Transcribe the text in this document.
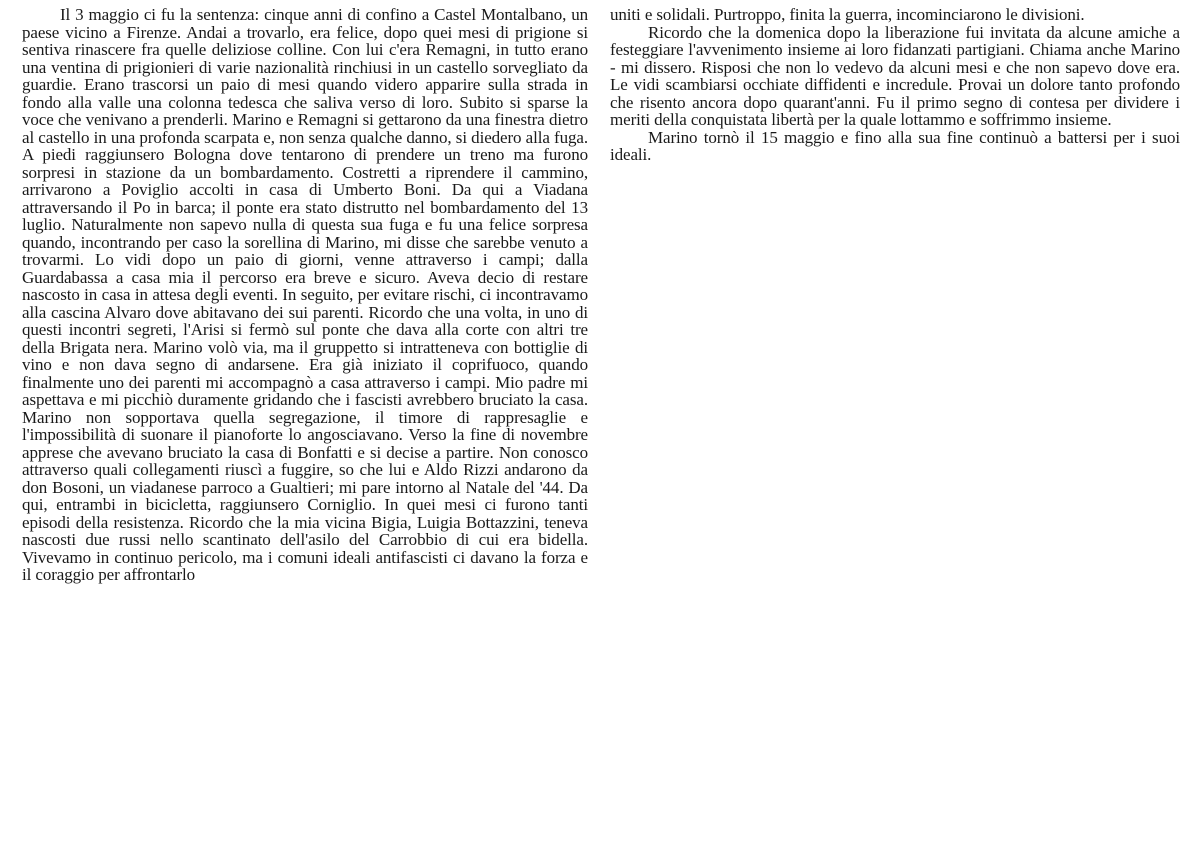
Il 3 maggio ci fu la sentenza: cinque anni di confino a Castel Montalbano, un paese vicino a Firenze. Andai a trovarlo, era felice, dopo quei mesi di prigione si sentiva rinascere fra quelle deliziose colline. Con lui c'era Remagni, in tutto erano una ventina di prigionieri di varie nazionalità rinchiusi in un castello sorvegliato da guardie. Erano trascorsi un paio di mesi quando videro apparire sulla strada in fondo alla valle una colonna tedesca che saliva verso di loro. Subito si sparse la voce che venivano a prenderli. Marino e Remagni si gettarono da una finestra dietro al castello in una profonda scarpata e, non senza qualche danno, si diedero alla fuga. A piedi raggiunsero Bologna dove tentarono di prendere un treno ma furono sorpresi in stazione da un bombardamento. Costretti a riprendere il cammino, arrivarono a Poviglio accolti in casa di Umberto Boni. Da qui a Viadana attraversando il Po in barca; il ponte era stato distrutto nel bombardamento del 13 luglio. Naturalmente non sapevo nulla di questa sua fuga e fu una felice sorpresa quando, incontrando per caso la sorellina di Marino, mi disse che sarebbe venuto a trovarmi. Lo vidi dopo un paio di giorni, venne attraverso i campi; dalla Guardabassa a casa mia il percorso era breve e sicuro. Aveva decio di restare nascosto in casa in attesa degli eventi. In seguito, per evitare rischi, ci incontravamo alla cascina Alvaro dove abitavano dei sui parenti. Ricordo che una volta, in uno di questi incontri segreti, l'Arisi si fermò sul ponte che dava alla corte con altri tre della Brigata nera. Marino volò via, ma il gruppetto si intratteneva con bottiglie di vino e non dava segno di andarsene. Era già iniziato il coprifuoco, quando finalmente uno dei parenti mi accompagnò a casa attraverso i campi. Mio padre mi aspettava e mi picchiò duramente gridando che i fascisti avrebbero bruciato la casa. Marino non sopportava quella segregazione, il timore di rappresaglie e l'impossibilità di suonare il pianoforte lo angosciavano. Verso la fine di novembre apprese che avevano bruciato la casa di Bonfatti e si decise a partire. Non conosco attraverso quali collegamenti riuscì a fuggire, so che lui e Aldo Rizzi andarono da don Bosoni, un viadanese parroco a Gualtieri; mi pare intorno al Natale del '44. Da qui, entrambi in bicicletta, raggiunsero Corniglio. In quei mesi ci furono tanti episodi della resistenza. Ricordo che la mia vicina Bigia, Luigia Bottazzini, teneva nascosti due russi nello scantinato dell'asilo del Carrobbio di cui era bidella. Vivevamo in continuo pericolo, ma i comuni ideali antifascisti ci davano la forza e il coraggio per affrontarlo

uniti e solidali. Purtroppo, finita la guerra, incominciarono le divisioni.

Ricordo che la domenica dopo la liberazione fui invitata da alcune amiche a festeggiare l'avvenimento insieme ai loro fidanzati partigiani. Chiama anche Marino - mi dissero. Risposi che non lo vedevo da alcuni mesi e che non sapevo dove era. Le vidi scambiarsi occhiate diffidenti e incredule. Provai un dolore tanto profondo che risento ancora dopo quarant'anni. Fu il primo segno di contesa per dividere i meriti della conquistata libertà per la quale lottammo e soffrimmo insieme.

Marino tornò il 15 maggio e fino alla sua fine continuò a battersi per i suoi ideali.
